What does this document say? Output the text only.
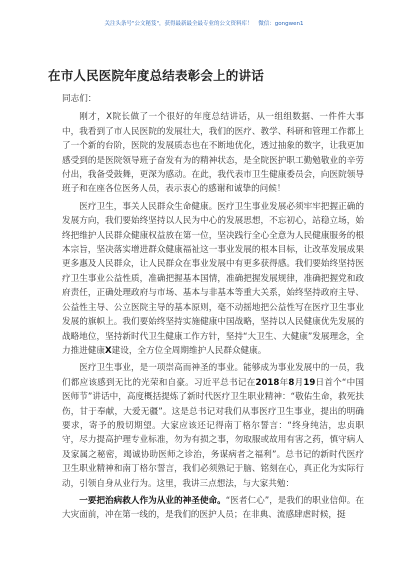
关注头条号"公文秘笈"，获得最新最全最专业的公文资料库！ 微信：gongwen1
在市人民医院年度总结表彰会上的讲话

同志们：

刚才，X院长做了一个很好的年度总结讲话，从一组组数据、一件件大事中，我看到了市人民医院的发展壮大，我们的医疗、教学、科研和管理工作都上了一个新的台阶，医院的发展质态也在不断地优化，透过抽象的数字，让我更加感受到的是医院领导班子奋发有为的精神状态，是全院医护职工勤勉敬业的辛劳付出，我备受鼓舞，更深为感动。在此，我代表市卫生健康委员会，向医院领导班子和在座各位医务人员，表示衷心的感谢和诚挚的问候！

医疗卫生，事关人民群众生命健康。医疗卫生事业发展必须牢牢把握正确的发展方向，我们要始终坚持以人民为中心的发展思想，不忘初心，站稳立场，始终把维护人民群众健康权益放在第一位，坚决践行全心全意为人民健康服务的根本宗旨，坚决落实增进群众健康福祉这一事业发展的根本目标，让改革发展成果更多惠及人民群众，让人民群众在事业发展中有更多获得感。我们要始终坚持医疗卫生事业公益性质，准确把握基本国情，准确把握发展规律，准确把握党和政府责任，正确处理政府与市场、基本与非基本等重大关系，始终坚持政府主导、公益性主导、公立医院主导的基本原则，毫不动摇地把公益性写在医疗卫生事业发展的旗帜上。我们要始终坚持实施健康中国战略，坚持以人民健康优先发展的战略地位，坚持新时代卫生健康工作方针，坚持“大卫生、大健康”发展理念，全力推进健康X建设，全方位全周期维护人民群众健康。

医疗卫生事业，是一项崇高而神圣的事业。能够成为事业发展中的一员，我们都应该感到无比的光荣和自豪。习近平总书记在2018年8月19日首个“中国医师节”讲话中，高度概括提炼了新时代医疗卫生职业精神：“敬佑生命，救死扶伤，甘于奉献，大爱无疆”。这是总书记对我们从事医疗卫生事业，提出的明确要求，寄予的殷切期望。大家应该还记得南丁格尔誓言：“终身纯洁，忠贞职守，尽力提高护理专业标准，勿为有损之事，勿取服或故用有害之药，慎守病人及家属之秘密，竭诚协助医师之诊治，务谋病者之福利”。总书记的新时代医疗卫生职业精神和南丁格尔誓言，我们必须熟记于脑、铭刻在心，真正化为实际行动，引领自身从业行为。这里，我讲三点想法，与大家共勉：

一要把治病救人作为从业的神圣使命。“医者仁心”，是我们的职业信仰。在大灾面前，冲在第一线的，是我们的医护人员；在非典、流感肆虐时候，挺
